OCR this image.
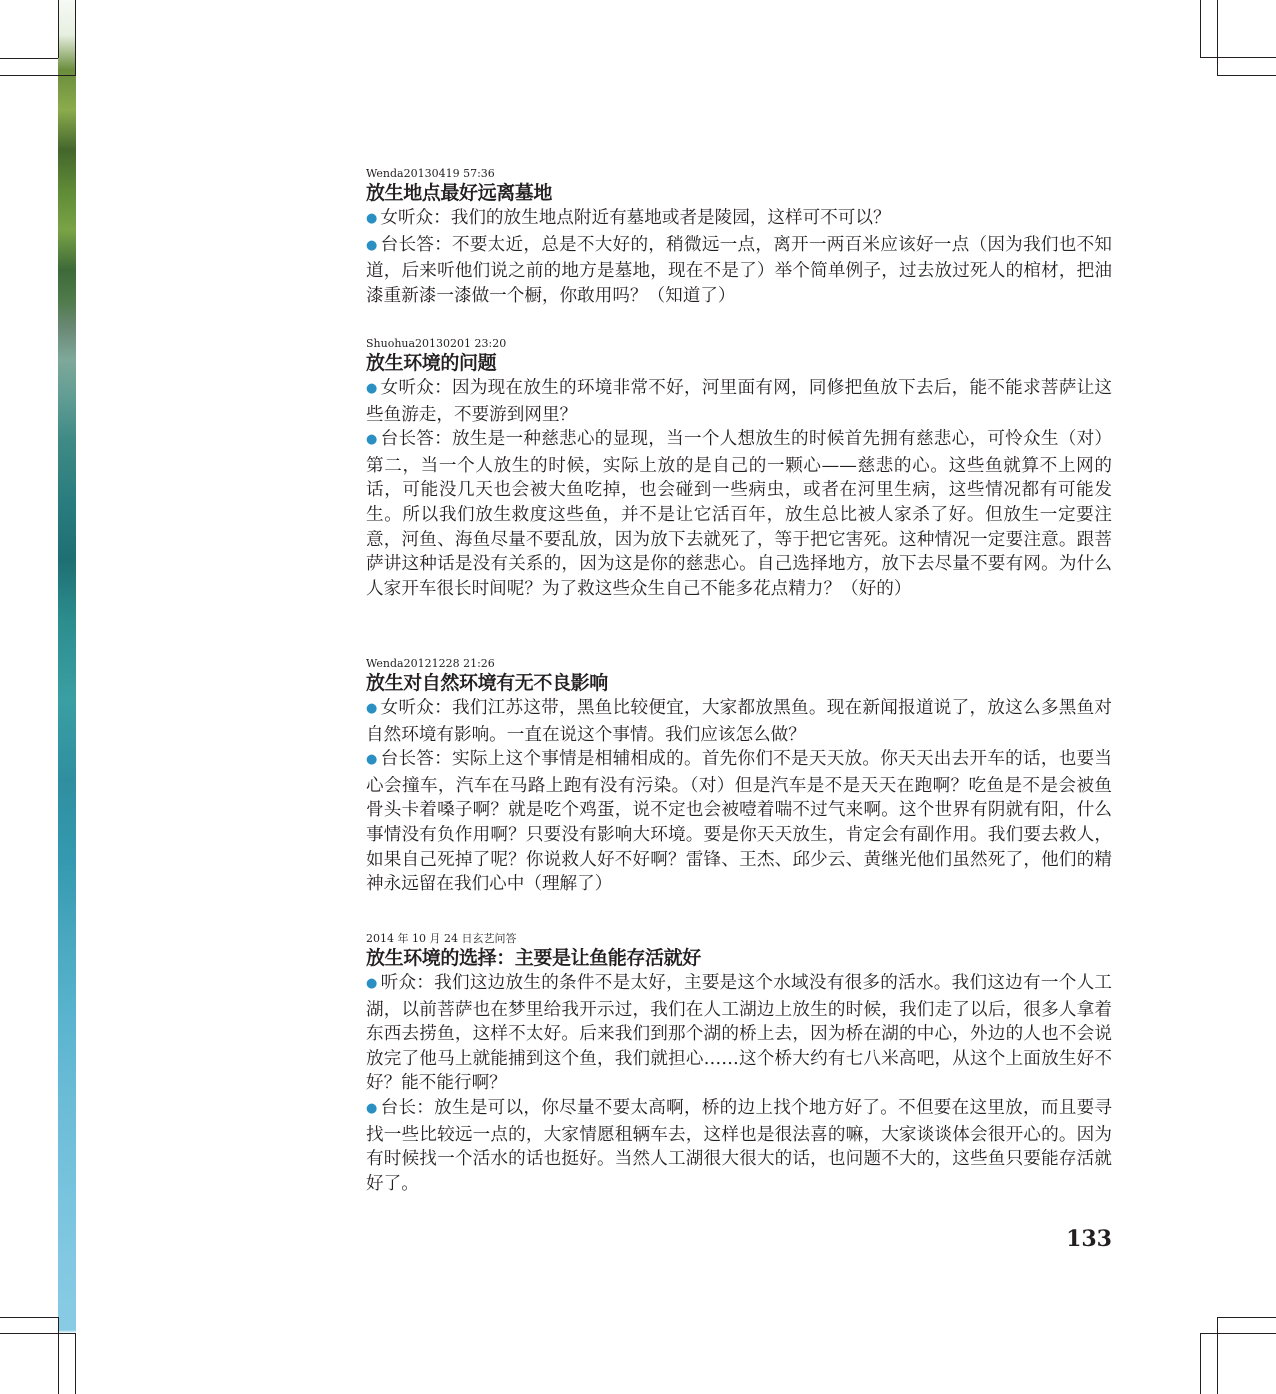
Wenda20130419 57:36
放生地点最好远离墓地

● 女听众：我们的放生地点附近有墓地或者是陵园，这样可不可以？

● 台长答：不要太近，总是不大好的，稍微远一点，离开一两百米应该好一点（因为我们也不知道，后来听他们说之前的地方是墓地，现在不是了）举个简单例子，过去放过死人的棺材，把油漆重新漆一漆做一个橱，你敢用吗？（知道了）

Shuohua20130201 23:20
放生环境的问题

● 女听众：因为现在放生的环境非常不好，河里面有网，同修把鱼放下去后，能不能求菩萨让这些鱼游走，不要游到网里？

● 台长答：放生是一种慈悲心的显现，当一个人想放生的时候首先拥有慈悲心，可怜众生（对）第二，当一个人放生的时候，实际上放的是自己的一颗心——慈悲的心。这些鱼就算不上网的话，可能没几天也会被大鱼吃掉，也会碰到一些病虫，或者在河里生病，这些情况都有可能发生。所以我们放生救度这些鱼，并不是让它活百年，放生总比被人家杀了好。但放生一定要注意，河鱼、海鱼尽量不要乱放，因为放下去就死了，等于把它害死。这种情况一定要注意。跟菩萨讲这种话是没有关系的，因为这是你的慈悲心。自己选择地方，放下去尽量不要有网。为什么人家开车很长时间呢？为了救这些众生自己不能多花点精力？（好的）

Wenda20121228 21:26
放生对自然环境有无不良影响

● 女听众：我们江苏这带，黑鱼比较便宜，大家都放黑鱼。现在新闻报道说了，放这么多黑鱼对自然环境有影响。一直在说这个事情。我们应该怎么做？

● 台长答：实际上这个事情是相辅相成的。首先你们不是天天放。你天天出去开车的话，也要当心会撞车，汽车在马路上跑有没有污染。（对）但是汽车是不是天天在跑啊？吃鱼是不是会被鱼骨头卡着嗓子啊？就是吃个鸡蛋，说不定也会被噎着喘不过气来啊。这个世界有阴就有阳，什么事情没有负作用啊？只要没有影响大环境。要是你天天放生，肯定会有副作用。我们要去救人，如果自己死掉了呢？你说救人好不好啊？雷锋、王杰、邱少云、黄继光他们虽然死了，他们的精神永远留在我们心中（理解了）

2014 年 10 月 24 日玄艺问答
放生环境的选择：主要是让鱼能存活就好

● 听众：我们这边放生的条件不是太好，主要是这个水域没有很多的活水。我们这边有一个人工湖，以前菩萨也在梦里给我开示过，我们在人工湖边上放生的时候，我们走了以后，很多人拿着东西去捞鱼，这样不太好。后来我们到那个湖的桥上去，因为桥在湖的中心，外边的人也不会说放完了他马上就能捕到这个鱼，我们就担心……这个桥大约有七八米高吧，从这个上面放生好不好？能不能行啊？

● 台长：放生是可以，你尽量不要太高啊，桥的边上找个地方好了。不但要在这里放，而且要寻找一些比较远一点的，大家情愿租辆车去，这样也是很法喜的嘛，大家谈谈体会很开心的。因为有时候找一个活水的话也挺好。当然人工湖很大很大的话，也问题不大的，这些鱼只要能存活就好了。

133
